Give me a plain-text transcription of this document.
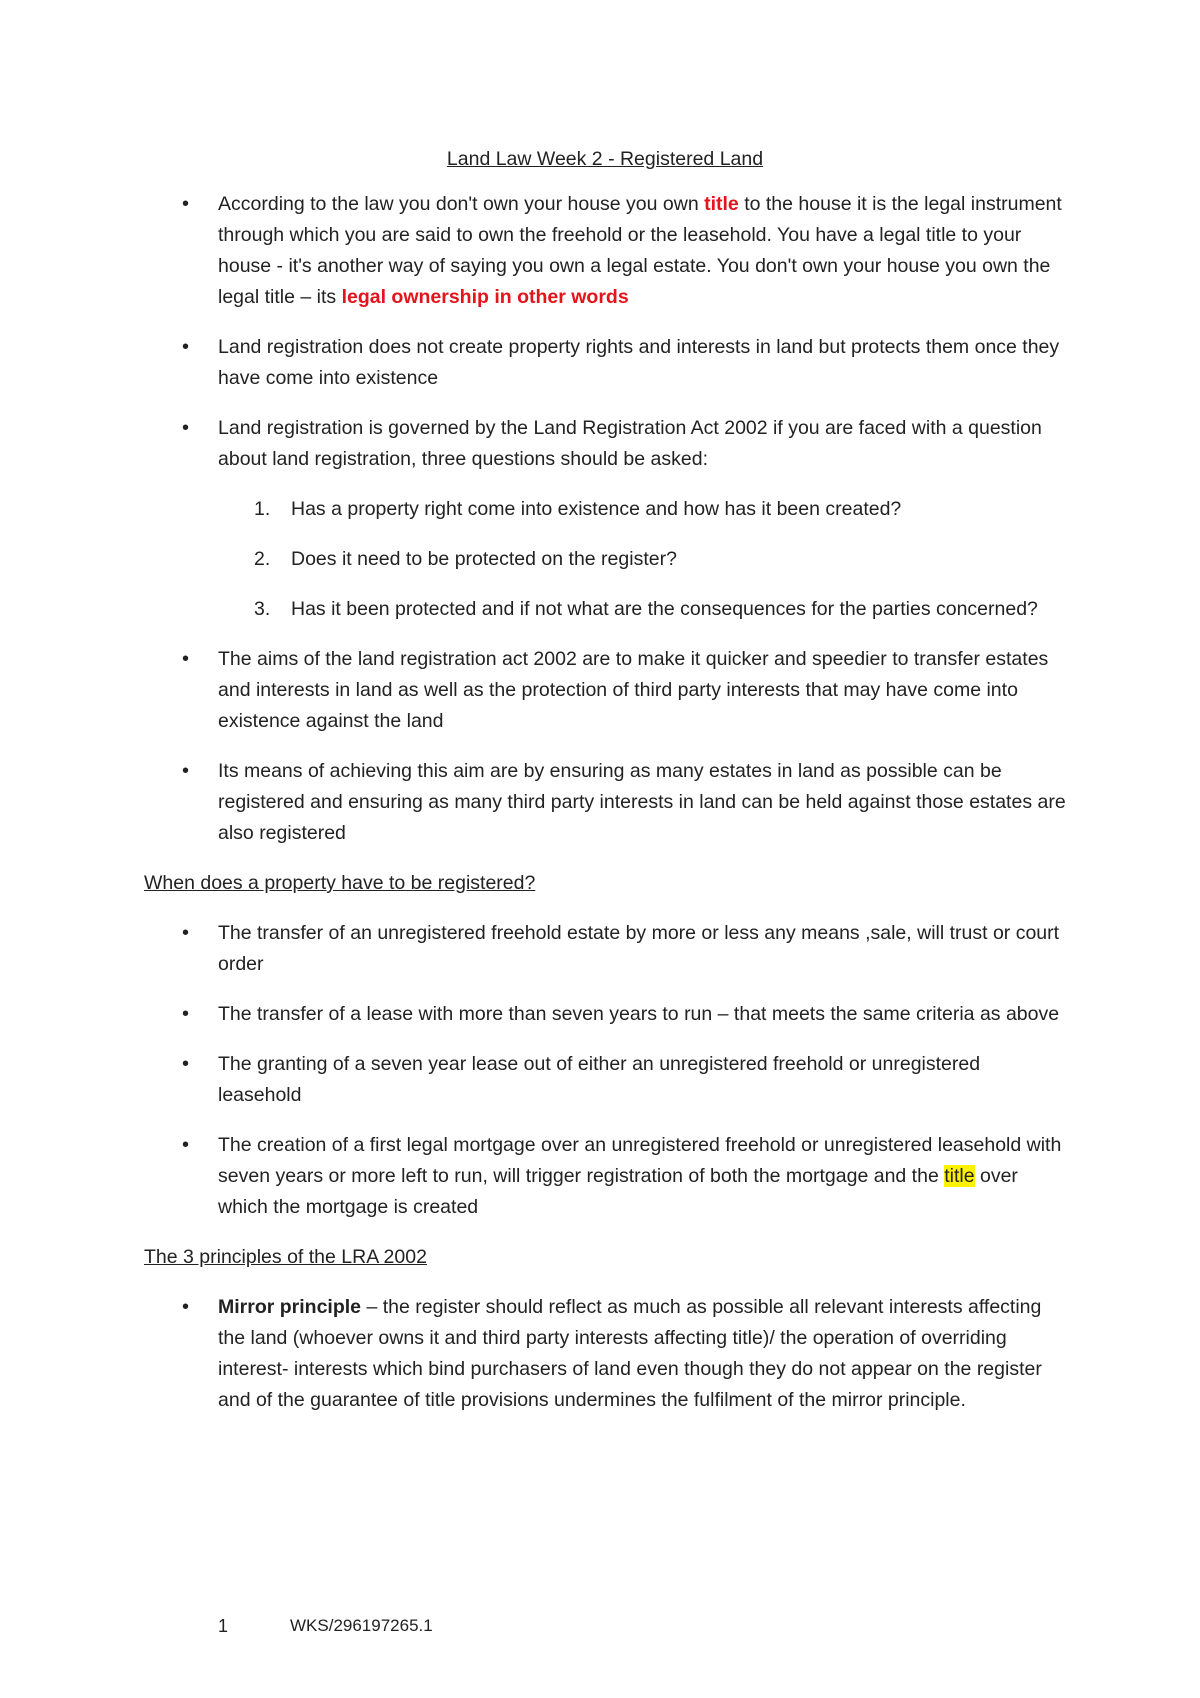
Land Law Week 2 - Registered Land
• According to the law you don't own your house you own title to the house it is the legal instrument through which you are said to own the freehold or the leasehold. You have a legal title to your house - it's another way of saying you own a legal estate. You don't own your house you own the legal title – its legal ownership in other words
• Land registration does not create property rights and interests in land but protects them once they have come into existence
• Land registration is governed by the Land Registration Act 2002 if you are faced with a question about land registration, three questions should be asked:
1. Has a property right come into existence and how has it been created?
2. Does it need to be protected on the register?
3. Has it been protected and if not what are the consequences for the parties concerned?
• The aims of the land registration act 2002 are to make it quicker and speedier to transfer estates and interests in land as well as the protection of third party interests that may have come into existence against the land
• Its means of achieving this aim are by ensuring as many estates in land as possible can be registered and ensuring as many third party interests in land can be held against those estates are also registered
When does a property have to be registered?
• The transfer of an unregistered freehold estate by more or less any means ,sale, will trust or court order
• The transfer of a lease with more than seven years to run – that meets the same criteria as above
• The granting of a seven year lease out of either an unregistered freehold or unregistered leasehold
• The creation of a first legal mortgage over an unregistered freehold or unregistered leasehold with seven years or more left to run, will trigger registration of both the mortgage and the title over which the mortgage is created
The 3 principles of the LRA 2002
• Mirror principle – the register should reflect as much as possible all relevant interests affecting the land (whoever owns it and third party interests affecting title)/ the operation of overriding interest- interests which bind purchasers of land even though they do not appear on the register and of the guarantee of title provisions undermines the fulfilment of the mirror principle.
1	WKS/296197265.1
